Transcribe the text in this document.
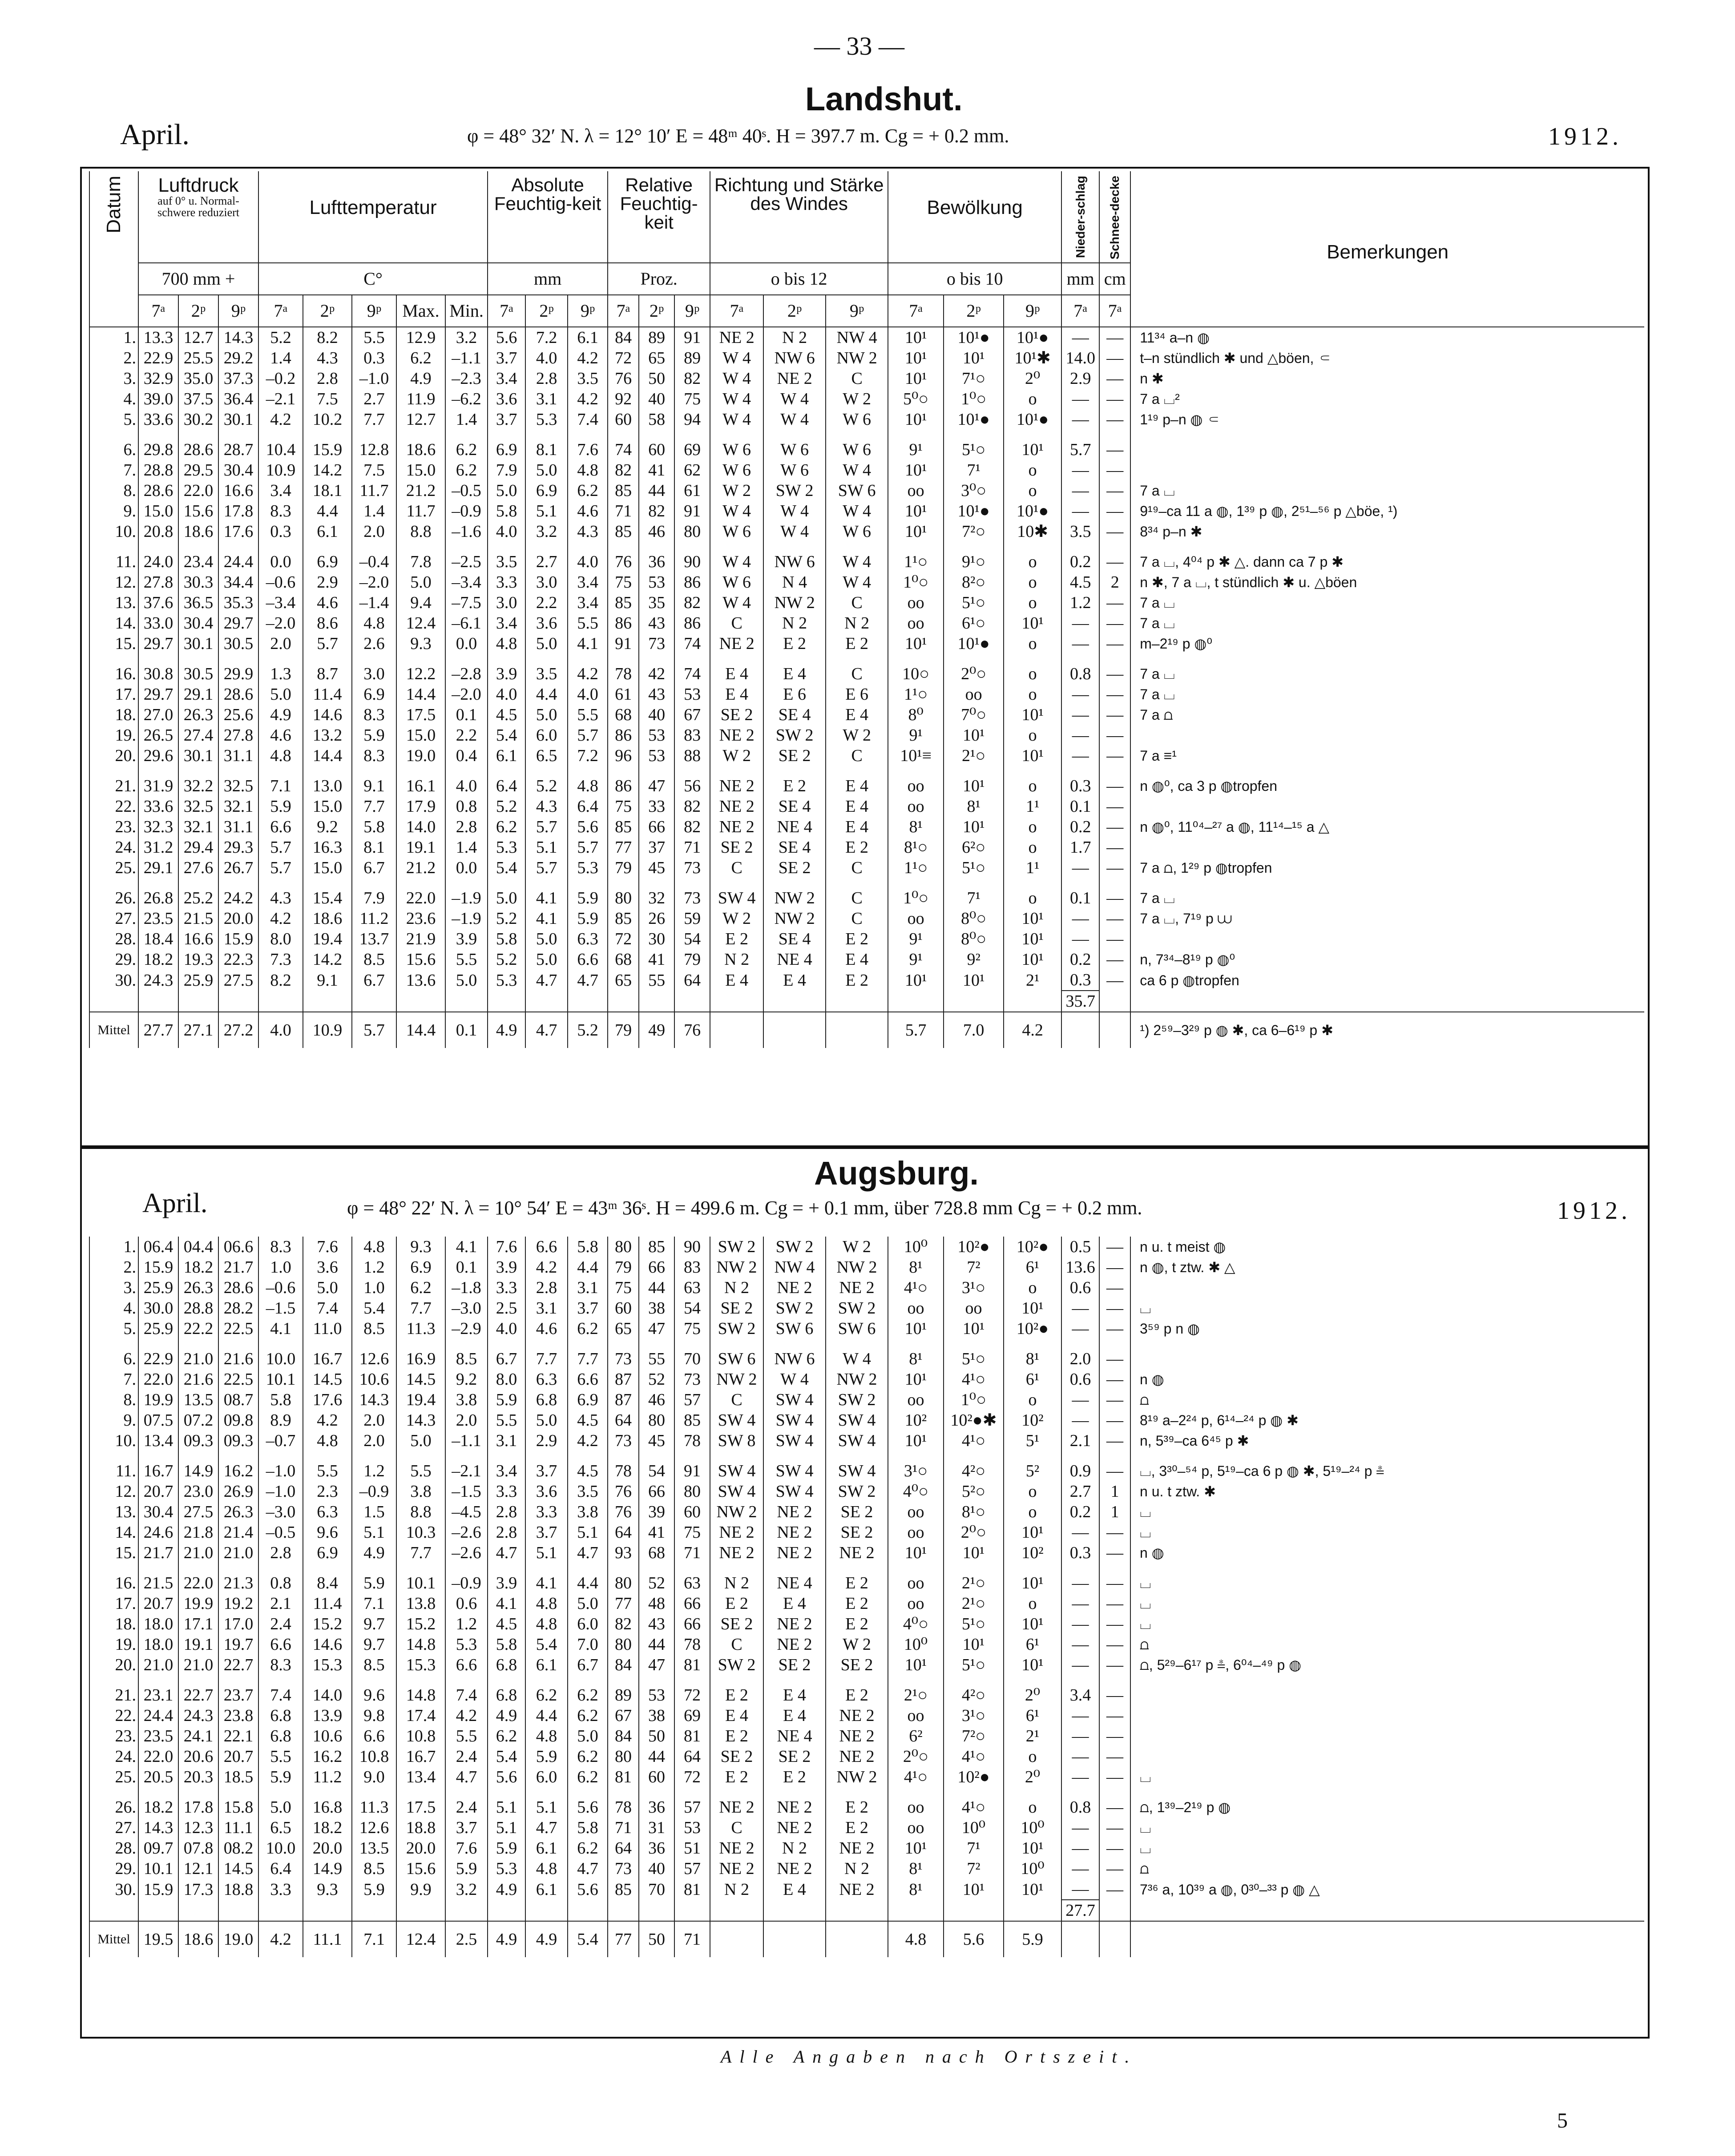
— 33 —
Landshut.
April.	φ = 48° 32′ N. λ = 12° 10′ E = 48ᵐ 40ˢ. H = 397.7 m. Cg = + 0.2 mm.	1912.
Datum	Luftdruck
auf 0° u. Normal-schwere reduziert			Lufttemperatur					Absolute Feuchtig-keit			Relative Feuchtig-keit			Richtung und Stärke des Windes			Bewölkung			Nieder-schlag	Schnee-decke	Bemerkungen

	700 mm +			C°					mm			Proz.			o bis 12			o bis 10			mm	cm	
	7ᵃ	2ᵖ	9ᵖ	7ᵃ	2ᵖ	9ᵖ	Max.	Min.	7ᵃ	2ᵖ	9ᵖ	7ᵃ	2ᵖ	9ᵖ	7ᵃ	2ᵖ	9ᵖ	7ᵃ	2ᵖ	9ᵖ	7ᵃ	7ᵃ	
1.	13.3	12.7	14.3	5.2	8.2	5.5	12.9	3.2	5.6	7.2	6.1	84	89	91	NE 2	N 2	NW 4	10¹	10¹●	10¹●	—	—	11³⁴ a–n ◍
2.	22.9	25.5	29.2	1.4	4.3	0.3	6.2	–1.1	3.7	4.0	4.2	72	65	89	W 4	NW 6	NW 2	10¹	10¹	10¹✱	14.0	—	t–n stündlich ✱ und △böen, ⸦
3.	32.9	35.0	37.3	–0.2	2.8	–1.0	4.9	–2.3	3.4	2.8	3.5	76	50	82	W 4	NE 2	C	10¹	7¹○	2⁰	2.9	—	n ✱
4.	39.0	37.5	36.4	–2.1	7.5	2.7	11.9	–6.2	3.6	3.1	4.2	92	40	75	W 4	W 4	W 2	5⁰○	1⁰○	o	—	—	7 a ⌴²
5.	33.6	30.2	30.1	4.2	10.2	7.7	12.7	1.4	3.7	5.3	7.4	60	58	94	W 4	W 4	W 6	10¹	10¹●	10¹●	—	—	1¹⁹ p–n ◍ ⸦

6.	29.8	28.6	28.7	10.4	15.9	12.8	18.6	6.2	6.9	8.1	7.6	74	60	69	W 6	W 6	W 6	9¹	5¹○	10¹	5.7	—	
7.	28.8	29.5	30.4	10.9	14.2	7.5	15.0	6.2	7.9	5.0	4.8	82	41	62	W 6	W 6	W 4	10¹	7¹	o	—	—	
8.	28.6	22.0	16.6	3.4	18.1	11.7	21.2	–0.5	5.0	6.9	6.2	85	44	61	W 2	SW 2	SW 6	oo	3⁰○	o	—	—	7 a ⌴
9.	15.0	15.6	17.8	8.3	4.4	1.4	11.7	–0.9	5.8	5.1	4.6	71	82	91	W 4	W 4	W 4	10¹	10¹●	10¹●	—	—	9¹⁹–ca 11 a ◍, 1³⁹ p ◍, 2⁵¹–⁵⁶ p △böe, ¹)
10.	20.8	18.6	17.6	0.3	6.1	2.0	8.8	–1.6	4.0	3.2	4.3	85	46	80	W 6	W 4	W 6	10¹	7²○	10✱	3.5	—	8³⁴ p–n ✱

11.	24.0	23.4	24.4	0.0	6.9	–0.4	7.8	–2.5	3.5	2.7	4.0	76	36	90	W 4	NW 6	W 4	1¹○	9¹○	o	0.2	—	7 a ⌴, 4⁰⁴ p ✱ △. dann ca 7 p ✱
12.	27.8	30.3	34.4	–0.6	2.9	–2.0	5.0	–3.4	3.3	3.0	3.4	75	53	86	W 6	N 4	W 4	1⁰○	8²○	o	4.5	2	n ✱, 7 a ⌴, t stündlich ✱ u. △böen
13.	37.6	36.5	35.3	–3.4	4.6	–1.4	9.4	–7.5	3.0	2.2	3.4	85	35	82	W 4	NW 2	C	oo	5¹○	o	1.2	—	7 a ⌴
14.	33.0	30.4	29.7	–2.0	8.6	4.8	12.4	–6.1	3.4	3.6	5.5	86	43	86	C	N 2	N 2	oo	6¹○	10¹	—	—	7 a ⌴
15.	29.7	30.1	30.5	2.0	5.7	2.6	9.3	0.0	4.8	5.0	4.1	91	73	74	NE 2	E 2	E 2	10¹	10¹●	o	—	—	m–2¹⁹ p ◍⁰

16.	30.8	30.5	29.9	1.3	8.7	3.0	12.2	–2.8	3.9	3.5	4.2	78	42	74	E 4	E 4	C	10○	2⁰○	o	0.8	—	7 a ⌴
17.	29.7	29.1	28.6	5.0	11.4	6.9	14.4	–2.0	4.0	4.4	4.0	61	43	53	E 4	E 6	E 6	1¹○	oo	o	—	—	7 a ⌴
18.	27.0	26.3	25.6	4.9	14.6	8.3	17.5	0.1	4.5	5.0	5.5	68	40	67	SE 2	SE 4	E 4	8⁰	7⁰○	10¹	—	—	7 a ⩍
19.	26.5	27.4	27.8	4.6	13.2	5.9	15.0	2.2	5.4	6.0	5.7	86	53	83	NE 2	SW 2	W 2	9¹	10¹	o	—	—	
20.	29.6	30.1	31.1	4.8	14.4	8.3	19.0	0.4	6.1	6.5	7.2	96	53	88	W 2	SE 2	C	10¹≡	2¹○	10¹	—	—	7 a ≡¹

21.	31.9	32.2	32.5	7.1	13.0	9.1	16.1	4.0	6.4	5.2	4.8	86	47	56	NE 2	E 2	E 4	oo	10¹	o	0.3	—	n ◍⁰, ca 3 p ◍tropfen
22.	33.6	32.5	32.1	5.9	15.0	7.7	17.9	0.8	5.2	4.3	6.4	75	33	82	NE 2	SE 4	E 4	oo	8¹	1¹	0.1	—	
23.	32.3	32.1	31.1	6.6	9.2	5.8	14.0	2.8	6.2	5.7	5.6	85	66	82	NE 2	NE 4	E 4	8¹	10¹	o	0.2	—	n ◍⁰, 11⁰⁴–²⁷ a ◍, 11¹⁴–¹⁵ a △
24.	31.2	29.4	29.3	5.7	16.3	8.1	19.1	1.4	5.3	5.1	5.7	77	37	71	SE 2	SE 4	E 2	8¹○	6²○	o	1.7	—	
25.	29.1	27.6	26.7	5.7	15.0	6.7	21.2	0.0	5.4	5.7	5.3	79	45	73	C	SE 2	C	1¹○	5¹○	1¹	—	—	7 a ⩍, 1²⁹ p ◍tropfen

26.	26.8	25.2	24.2	4.3	15.4	7.9	22.0	–1.9	5.0	4.1	5.9	80	32	73	SW 4	NW 2	C	1⁰○	7¹	o	0.1	—	7 a ⌴
27.	23.5	21.5	20.0	4.2	18.6	11.2	23.6	–1.9	5.2	4.1	5.9	85	26	59	W 2	NW 2	C	oo	8⁰○	10¹	—	—	7 a ⌴, 7¹⁹ p ⩊
28.	18.4	16.6	15.9	8.0	19.4	13.7	21.9	3.9	5.8	5.0	6.3	72	30	54	E 2	SE 4	E 2	9¹	8⁰○	10¹	—	—	
29.	18.2	19.3	22.3	7.3	14.2	8.5	15.6	5.5	5.2	5.0	6.6	68	41	79	N 2	NE 4	E 4	9¹	9²	10¹	0.2	—	n, 7³⁴–8¹⁹ p ◍⁰
30.	24.3	25.9	27.5	8.2	9.1	6.7	13.6	5.0	5.3	4.7	4.7	65	55	64	E 4	E 4	E 2	10¹	10¹	2¹	0.3	—	ca 6 p ◍tropfen
																					35.7		
Mittel	27.7	27.1	27.2	4.0	10.9	5.7	14.4	0.1	4.9	4.7	5.2	79	49	76				5.7	7.0	4.2			¹) 2⁵⁹–3²⁹ p ◍ ✱, ca 6–6¹⁹ p ✱
Augsburg.
April.	φ = 48° 22′ N. λ = 10° 54′ E = 43ᵐ 36ˢ. H = 499.6 m. Cg = + 0.1 mm, über 728.8 mm Cg = + 0.2 mm.	1912.
1.	06.4	04.4	06.6	8.3	7.6	4.8	9.3	4.1	7.6	6.6	5.8	80	85	90	SW 2	SW 2	W 2	10⁰	10²●	10²●	0.5	—	n u. t meist ◍
2.	15.9	18.2	21.7	1.0	3.6	1.2	6.9	0.1	3.9	4.2	4.4	79	66	83	NW 2	NW 4	NW 2	8¹	7²	6¹	13.6	—	n ◍, t ztw. ✱ △
3.	25.9	26.3	28.6	–0.6	5.0	1.0	6.2	–1.8	3.3	2.8	3.1	75	44	63	N 2	NE 2	NE 2	4¹○	3¹○	o	0.6	—	
4.	30.0	28.8	28.2	–1.5	7.4	5.4	7.7	–3.0	2.5	3.1	3.7	60	38	54	SE 2	SW 2	SW 2	oo	oo	10¹	—	—	⌴
5.	25.9	22.2	22.5	4.1	11.0	8.5	11.3	–2.9	4.0	4.6	6.2	65	47	75	SW 2	SW 6	SW 6	10¹	10¹	10²●	—	—	3⁵⁹ p n ◍

6.	22.9	21.0	21.6	10.0	16.7	12.6	16.9	8.5	6.7	7.7	7.7	73	55	70	SW 6	NW 6	W 4	8¹	5¹○	8¹	2.0	—	
7.	22.0	21.6	22.5	10.1	14.5	10.6	14.5	9.2	8.0	6.3	6.6	87	52	73	NW 2	W 4	NW 2	10¹	4¹○	6¹	0.6	—	n ◍
8.	19.9	13.5	08.7	5.8	17.6	14.3	19.4	3.8	5.9	6.8	6.9	87	46	57	C	SW 4	SW 2	oo	1⁰○	o	—	—	⩍
9.	07.5	07.2	09.8	8.9	4.2	2.0	14.3	2.0	5.5	5.0	4.5	64	80	85	SW 4	SW 4	SW 4	10²	10²●✱	10²	—	—	8¹⁹ a–2²⁴ p, 6¹⁴–²⁴ p ◍ ✱
10.	13.4	09.3	09.3	–0.7	4.8	2.0	5.0	–1.1	3.1	2.9	4.2	73	45	78	SW 8	SW 4	SW 4	10¹	4¹○	5¹	2.1	—	n, 5³⁹–ca 6⁴⁵ p ✱

11.	16.7	14.9	16.2	–1.0	5.5	1.2	5.5	–2.1	3.4	3.7	4.5	78	54	91	SW 4	SW 4	SW 4	3¹○	4²○	5²	0.9	—	⌴, 3³⁰–⁵⁴ p, 5¹⁹–ca 6 p ◍ ✱, 5¹⁹–²⁴ p ⩮
12.	20.7	23.0	26.9	–1.0	2.3	–0.9	3.8	–1.5	3.3	3.6	3.5	76	66	80	SW 4	SW 4	SW 2	4⁰○	5²○	o	2.7	1	n u. t ztw. ✱
13.	30.4	27.5	26.3	–3.0	6.3	1.5	8.8	–4.5	2.8	3.3	3.8	76	39	60	NW 2	NE 2	SE 2	oo	8¹○	o	0.2	1	⌴
14.	24.6	21.8	21.4	–0.5	9.6	5.1	10.3	–2.6	2.8	3.7	5.1	64	41	75	NE 2	NE 2	SE 2	oo	2⁰○	10¹	—	—	⌴
15.	21.7	21.0	21.0	2.8	6.9	4.9	7.7	–2.6	4.7	5.1	4.7	93	68	71	NE 2	NE 2	NE 2	10¹	10¹	10²	0.3	—	n ◍

16.	21.5	22.0	21.3	0.8	8.4	5.9	10.1	–0.9	3.9	4.1	4.4	80	52	63	N 2	NE 4	E 2	oo	2¹○	10¹	—	—	⌴
17.	20.7	19.9	19.2	2.1	11.4	7.1	13.8	0.6	4.1	4.8	5.0	77	48	66	E 2	E 4	E 2	oo	2¹○	o	—	—	⌴
18.	18.0	17.1	17.0	2.4	15.2	9.7	15.2	1.2	4.5	4.8	6.0	82	43	66	SE 2	NE 2	E 2	4⁰○	5¹○	10¹	—	—	⌴
19.	18.0	19.1	19.7	6.6	14.6	9.7	14.8	5.3	5.8	5.4	7.0	80	44	78	C	NE 2	W 2	10⁰	10¹	6¹	—	—	⩍
20.	21.0	21.0	22.7	8.3	15.3	8.5	15.3	6.6	6.8	6.1	6.7	84	47	81	SW 2	SE 2	SE 2	10¹	5¹○	10¹	—	—	⩍, 5²⁹–6¹⁷ p ⩮, 6⁰⁴–⁴⁹ p ◍

21.	23.1	22.7	23.7	7.4	14.0	9.6	14.8	7.4	6.8	6.2	6.2	89	53	72	E 2	E 4	E 2	2¹○	4²○	2⁰	3.4	—	
22.	24.4	24.3	23.8	6.8	13.9	9.8	17.4	4.2	4.9	4.4	6.2	67	38	69	E 4	E 4	NE 2	oo	3¹○	6¹	—	—	
23.	23.5	24.1	22.1	6.8	10.6	6.6	10.8	5.5	6.2	4.8	5.0	84	50	81	E 2	NE 4	NE 2	6²	7²○	2¹	—	—	
24.	22.0	20.6	20.7	5.5	16.2	10.8	16.7	2.4	5.4	5.9	6.2	80	44	64	SE 2	SE 2	NE 2	2⁰○	4¹○	o	—	—	
25.	20.5	20.3	18.5	5.9	11.2	9.0	13.4	4.7	5.6	6.0	6.2	81	60	72	E 2	E 2	NW 2	4¹○	10²●	2⁰	—	—	⌴

26.	18.2	17.8	15.8	5.0	16.8	11.3	17.5	2.4	5.1	5.1	5.6	78	36	57	NE 2	NE 2	E 2	oo	4¹○	o	0.8	—	⩍, 1³⁹–2¹⁹ p ◍
27.	14.3	12.3	11.1	6.5	18.2	12.6	18.8	3.7	5.1	4.7	5.8	71	31	53	C	NE 2	E 2	oo	10⁰	10⁰	—	—	⌴
28.	09.7	07.8	08.2	10.0	20.0	13.5	20.0	7.6	5.9	6.1	6.2	64	36	51	NE 2	N 2	NE 2	10¹	7¹	10¹	—	—	⌴
29.	10.1	12.1	14.5	6.4	14.9	8.5	15.6	5.9	5.3	4.8	4.7	73	40	57	NE 2	NE 2	N 2	8¹	7²	10⁰	—	—	⩍
30.	15.9	17.3	18.8	3.3	9.3	5.9	9.9	3.2	4.9	6.1	5.6	85	70	81	N 2	E 4	NE 2	8¹	10¹	10¹	—	—	7³⁶ a, 10³⁹ a ◍, 0³⁰–³³ p ◍ △
																					27.7		
Mittel	19.5	18.6	19.0	4.2	11.1	7.1	12.4	2.5	4.9	4.9	5.4	77	50	71				4.8	5.6	5.9			
Alle Angaben nach Ortszeit.
5
